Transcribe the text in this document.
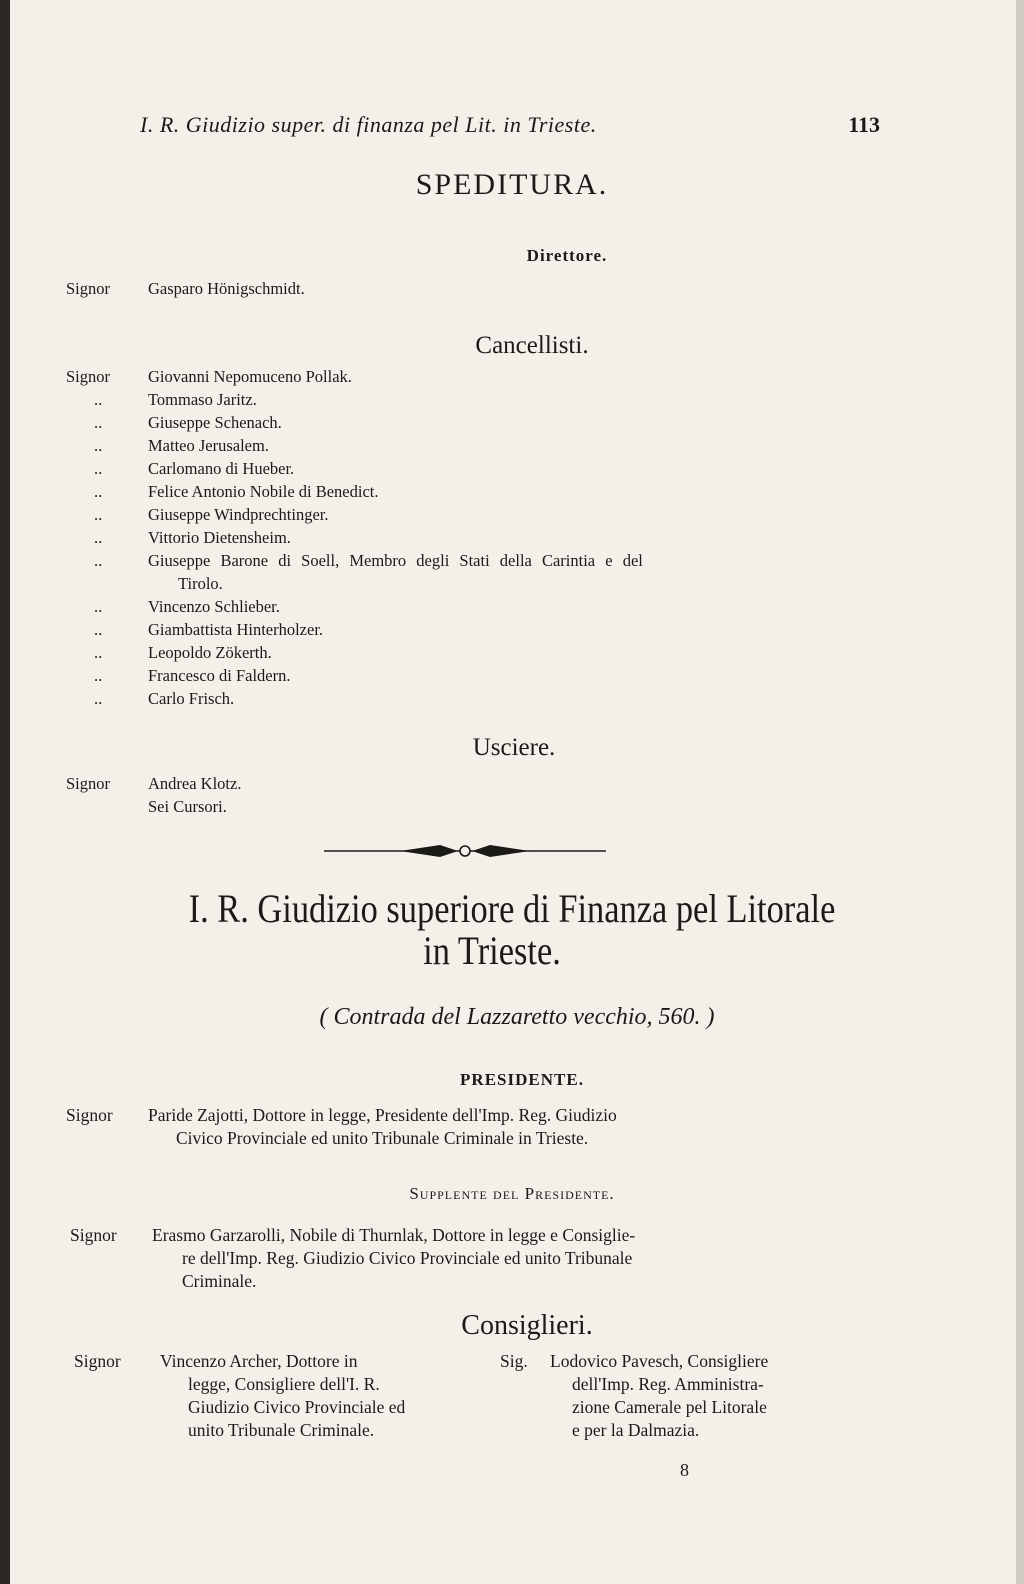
I. R. Giudizio super. di finanza pel Lit. in Trieste.	113
SPEDITURA.
Direttore.
Signor Gasparo Hönigschmidt.
Cancellisti.
Signor Giovanni Nepomuceno Pollak.
..	Tommaso Jaritz.
..	Giuseppe Schenach.
..	Matteo Jerusalem.
..	Carlomano di Hueber.
..	Felice Antonio Nobile di Benedict.
..	Giuseppe Windprechtinger.
..	Vittorio Dietensheim.
..	Giuseppe Barone di Soell, Membro degli Stati della Carintia e del
Tirolo.
..	Vincenzo Schlieber.
..	Giambattista Hinterholzer.
..	Leopoldo Zökerth.
..	Francesco di Faldern.
..	Carlo Frisch.
Usciere.
Signor Andrea Klotz.
Sei Cursori.
I. R. Giudizio superiore di Finanza pel Litorale
in Trieste.
( Contrada del Lazzaretto vecchio, 560. )
PRESIDENTE.
Signor Paride Zajotti, Dottore in legge, Presidente dell'Imp. Reg. Giudizio
Civico Provinciale ed unito Tribunale Criminale in Trieste.
Supplente del Presidente.
Signor Erasmo Garzarolli, Nobile di Thurnlak, Dottore in legge e Consiglie-
re dell'Imp. Reg. Giudizio Civico Provinciale ed unito Tribunale
Criminale.
Consiglieri.
Signor Vincenzo Archer, Dottore in
legge, Consigliere dell'I. R.
Giudizio Civico Provinciale ed
unito Tribunale Criminale.
Sig. Lodovico Pavesch, Consigliere
dell'Imp. Reg. Amministra-
zione Camerale pel Litorale
e per la Dalmazia.
8
